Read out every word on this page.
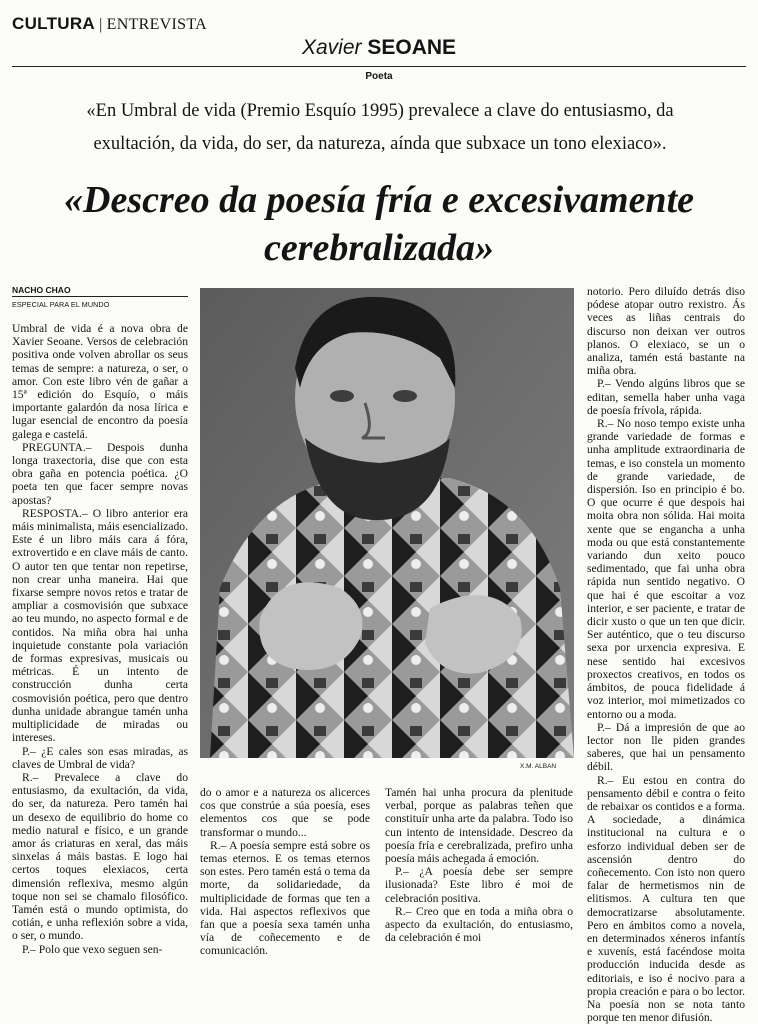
CULTURA | ENTREVISTA
Xavier SEOANE
Poeta
«En Umbral de vida (Premio Esquío 1995) prevalece a clave do entusiasmo, da exultación, da vida, do ser, da natureza, aínda que subxace un tono elexiaco».
«Descreo da poesía fría e excesivamente cerebralizada»
NACHO CHAO
ESPECIAL PARA EL MUNDO

Umbral de vida é a nova obra de Xavier Seoane. Versos de celebración positiva onde volven abrollar os seus temas de sempre: a natureza, o ser, o amor. Con este libro vén de gañar a 15ª edición do Esquío, o máis importante galardón da nosa lírica e lugar esencial de encontro da poesía galega e castelá.

PREGUNTA.– Despois dunha longa traxectoria, dise que con esta obra gaña en potencia poética. ¿O poeta ten que facer sempre novas apostas?

RESPOSTA.– O libro anterior era máis minimalista, máis esencializado. Este é un libro máis cara á fóra, extrovertido e en clave máis de canto. O autor ten que tentar non repetirse, non crear unha maneira. Hai que fixarse sempre novos retos e tratar de ampliar a cosmovisión que subxace ao teu mundo, no aspecto formal e de contidos. Na miña obra hai unha inquietude constante pola variación de formas expresivas, musicais ou métricas. É un intento de construcción dunha certa cosmovisión poética, pero que dentro dunha unidade abrangue tamén unha multiplicidade de miradas ou intereses.

P.– ¿E cales son esas miradas, as claves de Umbral de vida?

R.– Prevalece a clave do entusiasmo, da exultación, da vida, do ser, da natureza. Pero tamén hai un desexo de equilibrio do home co medio natural e físico, e un grande amor ás criaturas en xeral, das máis sinxelas á máis bastas. E logo hai certos toques elexiacos, certa dimensión reflexiva, mesmo algún toque non sei se chamalo filosófico. Tamén está o mundo optimista, do cotián, e unha reflexión sobre a vida, o ser, o mundo.

P.– Polo que vexo seguen sen-

X.M. ALBAN

do o amor e a natureza os alicerces cos que constrúe a súa poesía, eses elementos cos que se pode transformar o mundo...

R.– A poesía sempre está sobre os temas eternos. E os temas eternos son estes. Pero tamén está o tema da morte, da solidariedade, da multiplicidade de formas que ten a vida. Hai aspectos reflexivos que fan que a poesía sexa tamén unha vía de coñecemento e de comunicación.

Tamén hai unha procura da plenitude verbal, porque as palabras teñen que constituír unha arte da palabra. Todo iso cun intento de intensidade. Descreo da poesía fría e cerebralizada, prefiro unha poesía máis achegada á emoción.

P.– ¿A poesía debe ser sempre ilusionada? Este libro é moi de celebración positiva.

R.– Creo que en toda a miña obra o aspecto da exultación, do entusiasmo, da celebración é moi

notorio. Pero diluído detrás diso pódese atopar outro rexistro. Ás veces as liñas centrais do discurso non deixan ver outros planos. O elexiaco, se un o analiza, tamén está bastante na miña obra.

P.– Vendo algúns libros que se editan, semella haber unha vaga de poesía frívola, rápida.

R.– No noso tempo existe unha grande variedade de formas e unha amplitude extraordinaria de temas, e iso constela un momento de grande variedade, de dispersión. Iso en principio é bo. O que ocurre é que despois hai moita obra non sólida. Hai moita xente que se engancha a unha moda ou que está constantemente variando dun xeito pouco sedimentado, que fai unha obra rápida nun sentido negativo. O que hai é que escoitar a voz interior, e ser paciente, e tratar de dicir xusto o que un ten que dicir. Ser auténtico, que o teu discurso sexa por urxencia expresiva. E nese sentido hai excesivos proxectos creativos, en todos os ámbitos, de pouca fidelidade á voz interior, moi mimetizados co entorno ou a moda.

P.– Dá a impresión de que ao lector non lle piden grandes saberes, que hai un pensamento débil.

R.– Eu estou en contra do pensamento débil e contra o feito de rebaixar os contidos e a forma. A sociedade, a dinámica institucional na cultura e o esforzo individual deben ser de ascensión dentro do coñecemento. Con isto non quero falar de hermetismos nin de elitismos. A cultura ten que democratizarse absolutamente. Pero en ámbitos como a novela, en determinados xéneros infantís e xuvenís, está facéndose moita producción inducida desde as editoriais, e iso é nocivo para a propia creación e para o bo lector. Na poesía non se nota tanto porque ten menor difusión.
